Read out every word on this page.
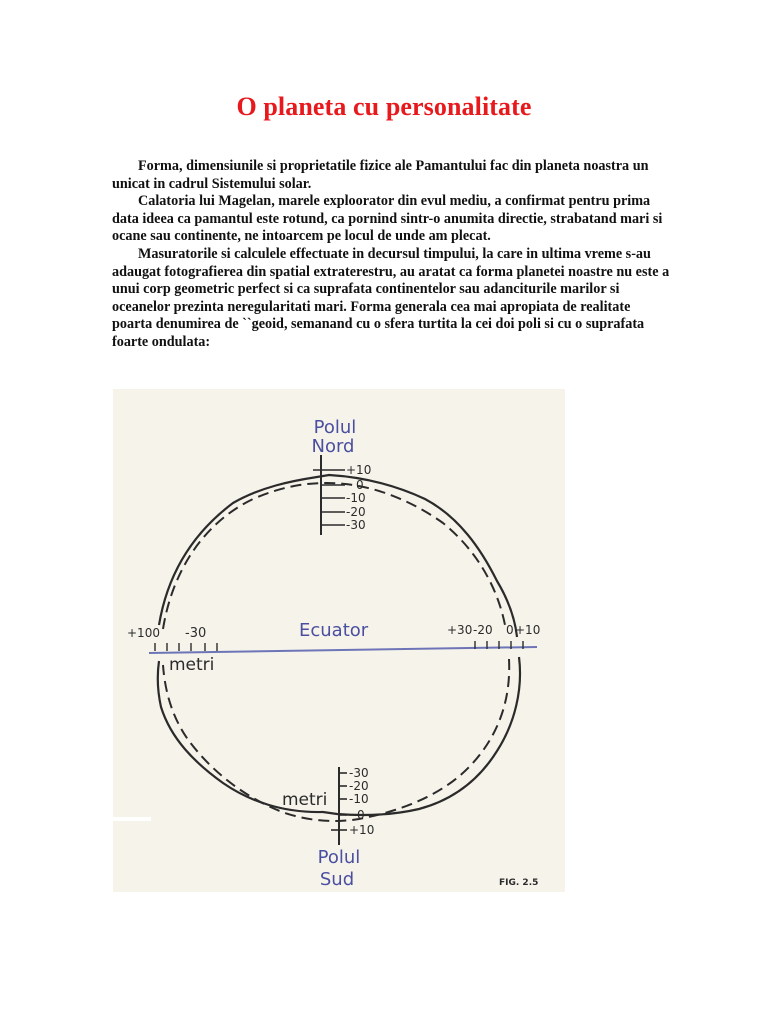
O planeta cu personalitate

Forma, dimensiunile si proprietatile fizice ale Pamantului fac din planeta noastra un unicat in cadrul Sistemului solar.

Calatoria lui Magelan, marele exploorator din evul mediu, a confirmat pentru prima data ideea ca pamantul este rotund, ca pornind sintr-o anumita directie, strabatand mari si ocane sau continente, ne intoarcem pe locul de unde am plecat.

Masuratorile si calculele effectuate in decursul timpului, la care in ultima vreme s-au adaugat fotografierea din spatial extraterestru, au aratat ca forma planetei noastre nu este a unui corp geometric perfect si ca suprafata continentelor sau adanciturile marilor si oceanelor prezinta neregularitati mari. Forma generala cea mai apropiata de realitate poarta denumirea de ``geoid, semanand cu o sfera turtita la cei doi poli si cu o suprafata foarte ondulata:

Polul
Nord
+10
0
-10
-20
-30
Ecuator
+100 -30	+30 -20 0 +10
metri
-30
-20
-10
0
+10
metri
Polul
Sud	FIG. 2.5
